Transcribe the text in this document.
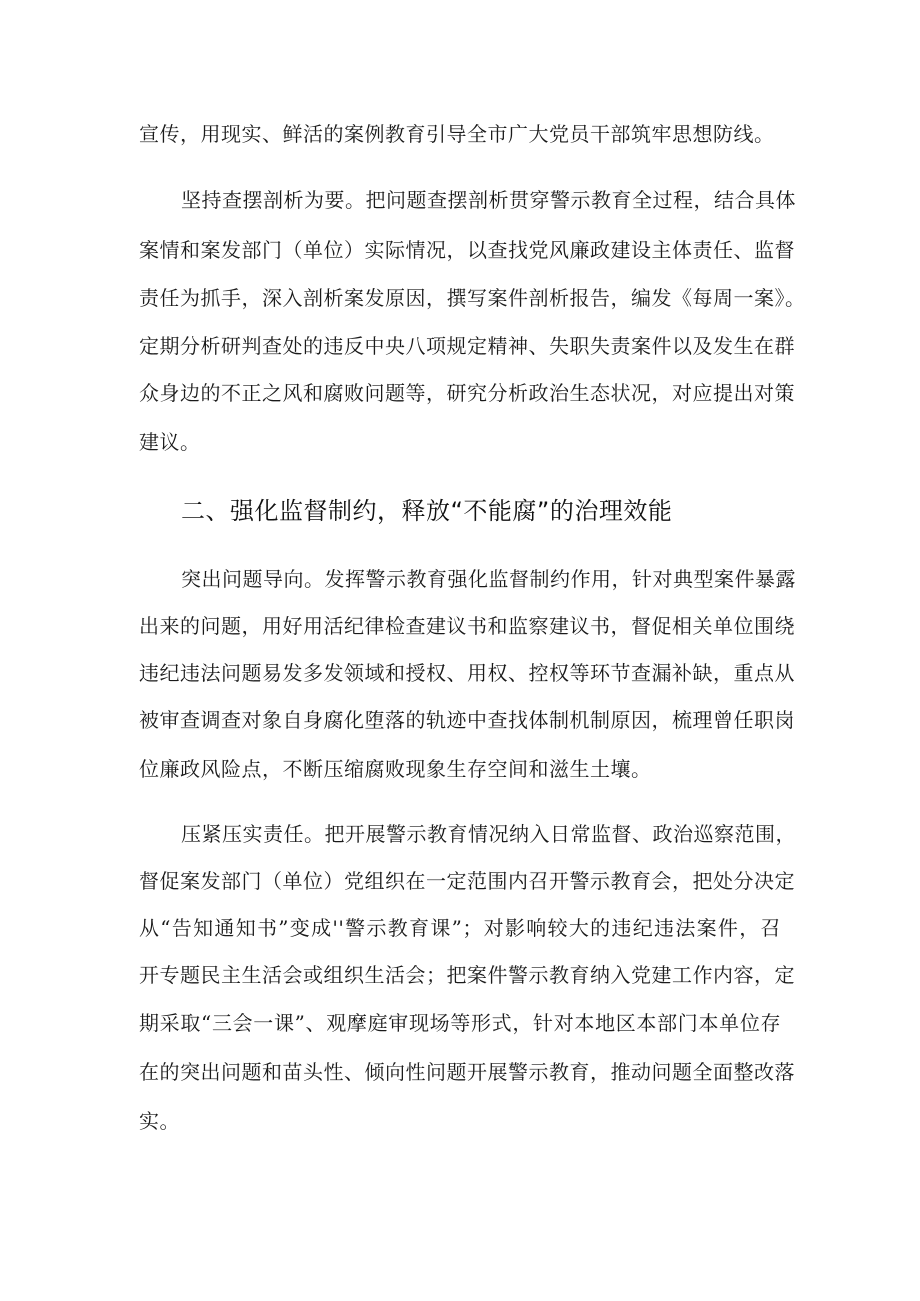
宣传，用现实、鲜活的案例教育引导全市广大党员干部筑牢思想防线。
坚持查摆剖析为要。把问题查摆剖析贯穿警示教育全过程，结合具体
案情和案发部门（单位）实际情况，以查找党风廉政建设主体责任、监督
责任为抓手，深入剖析案发原因，撰写案件剖析报告，编发《每周一案》。
定期分析研判查处的违反中央八项规定精神、失职失责案件以及发生在群
众身边的不正之风和腐败问题等，研究分析政治生态状况，对应提出对策
建议。
二、强化监督制约，释放“不能腐”的治理效能
突出问题导向。发挥警示教育强化监督制约作用，针对典型案件暴露
出来的问题，用好用活纪律检查建议书和监察建议书，督促相关单位围绕
违纪违法问题易发多发领域和授权、用权、控权等环节查漏补缺，重点从
被审查调查对象自身腐化堕落的轨迹中查找体制机制原因，梳理曾任职岗
位廉政风险点，不断压缩腐败现象生存空间和滋生土壤。
压紧压实责任。把开展警示教育情况纳入日常监督、政治巡察范围，
督促案发部门（单位）党组织在一定范围内召开警示教育会，把处分决定
从“告知通知书”变成''警示教育课”；对影响较大的违纪违法案件，召
开专题民主生活会或组织生活会；把案件警示教育纳入党建工作内容，定
期采取“三会一课”、观摩庭审现场等形式，针对本地区本部门本单位存
在的突出问题和苗头性、倾向性问题开展警示教育，推动问题全面整改落
实。
